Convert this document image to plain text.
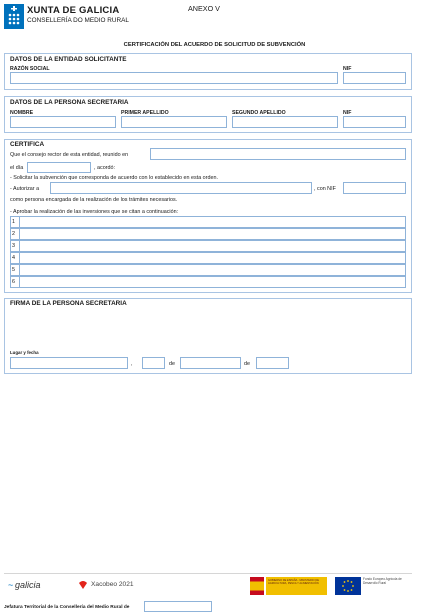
XUNTA DE GALICIA
CONSELLERÍA DO MEDIO RURAL
ANEXO V
CERTIFICACIÓN DEL ACUERDO DE SOLICITUD DE SUBVENCIÓN
DATOS DE LA ENTIDAD SOLICITANTE
RAZÓN SOCIAL	NIF
DATOS DE LA PERSONA SECRETARIA
NOMBRE	PRIMER APELLIDO	SEGUNDO APELLIDO	NIF
CERTIFICA
Que el consejo rector de esta entidad, reunido en
el día	, acordó:
- Solicitar la subvención que corresponda de acuerdo con lo establecido en esta orden.
- Autorizar a	, con NIF
como persona encargada de la realización de los trámites necesarios.
- Aprobar la realización de las inversiones que se citan a continuación:
1
2
3
4
5
6
FIRMA DE LA PERSONA SECRETARIA
Lugar y fecha
,	de	de
~ galicia	Xacobeo 2021
GOBIERNO DE ESPAÑA · MINISTERIO DE AGRICULTURA, PESCA Y ALIMENTACIÓN
Fondo Europeo Agrícola de Desarrollo Rural
Jefatura Territorial de la Consellería del Medio Rural de
